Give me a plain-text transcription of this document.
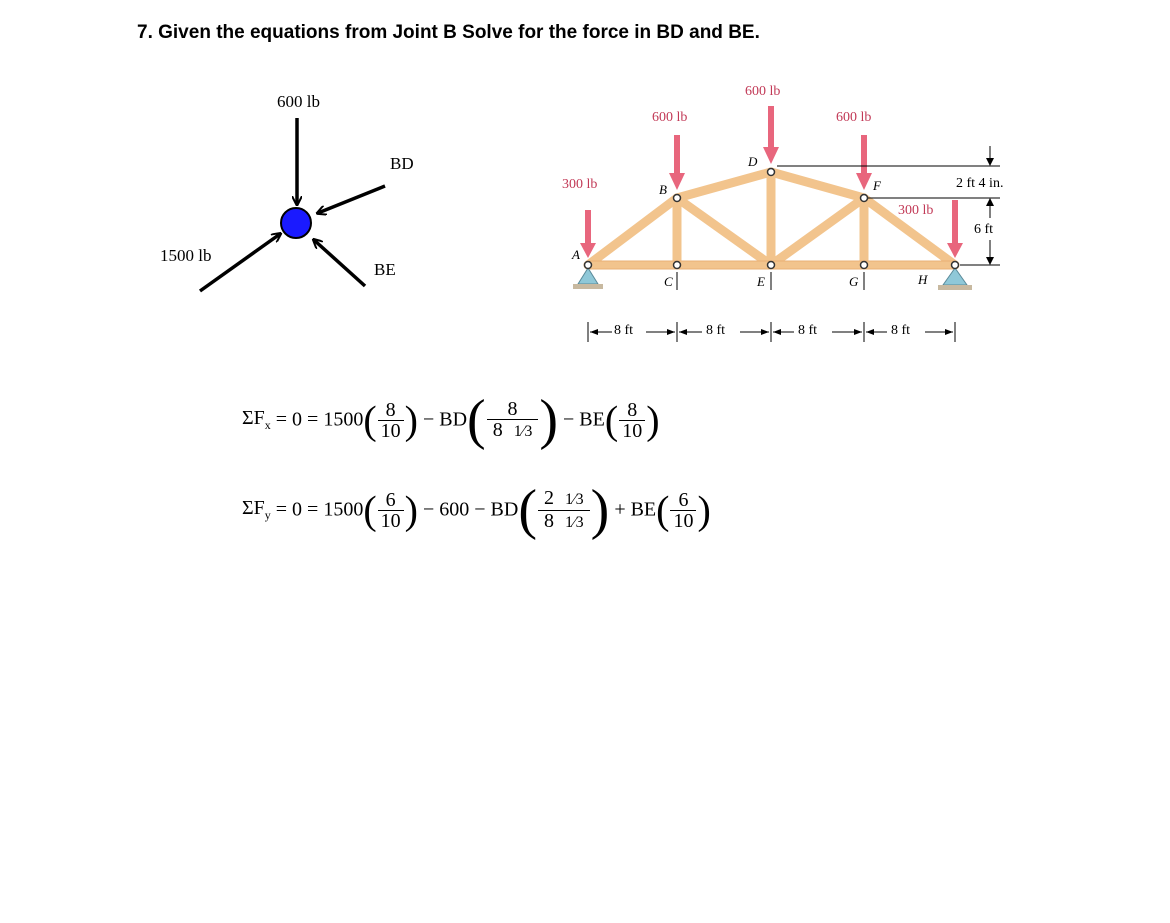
7. Given the equations from Joint B Solve for the force in BD and BE.
600 lb
BD
BE
1500 lb
300 lb
600 lb
600 lb
600 lb
300 lb
A
B
C
D
E
F
G	H
2 ft 4 in.
6 ft
8 ft	8 ft	8 ft	8 ft
$\Sigma F_x = 0 = 1500( \frac{8}{10}$ ) − $BD( \frac{8}{8 1⁄3}$ ) − $BE( \frac{8}{10}$ )
$\Sigma F_y = 0 = 1500( \frac{6}{10}$ ) − $600 - BD( \frac{2 1⁄3}{8 1⁄3}$ ) + $BE( \frac{6}{10}$ )
